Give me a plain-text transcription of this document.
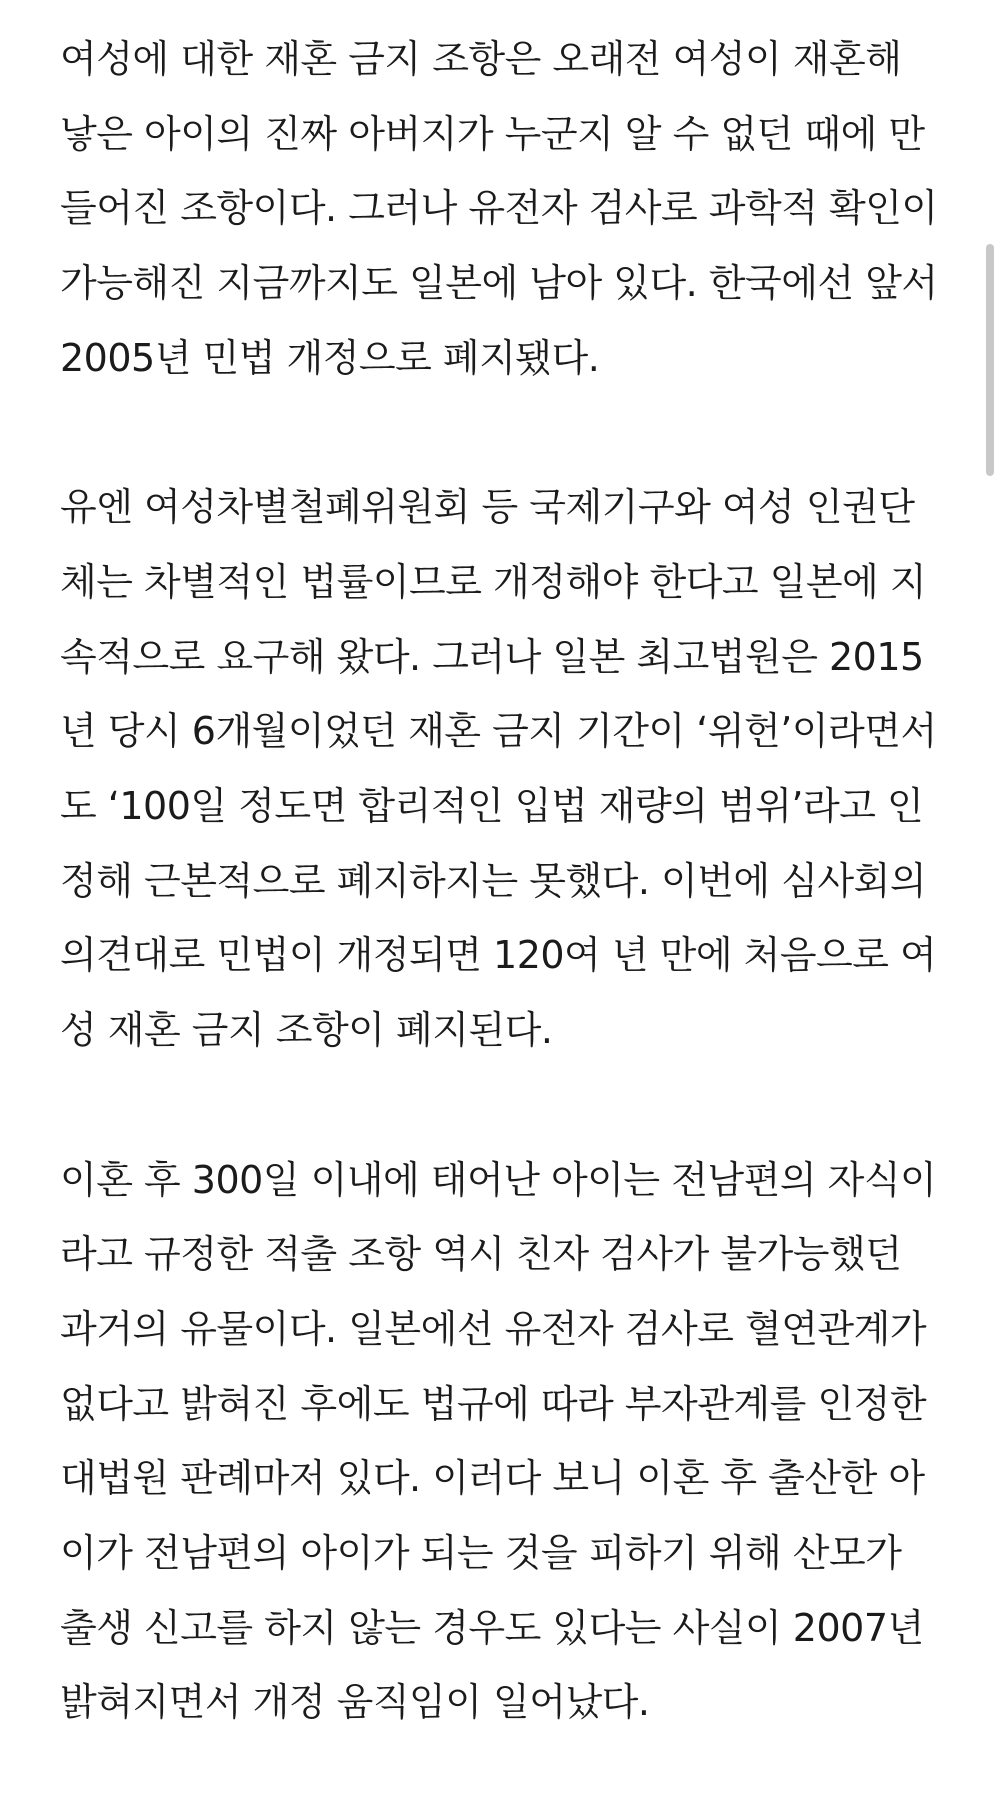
여성에 대한 재혼 금지 조항은 오래전 여성이 재혼해
낳은 아이의 진짜 아버지가 누군지 알 수 없던 때에 만
들어진 조항이다. 그러나 유전자 검사로 과학적 확인이
가능해진 지금까지도 일본에 남아 있다. 한국에선 앞서
2005년 민법 개정으로 폐지됐다.

유엔 여성차별철폐위원회 등 국제기구와 여성 인권단
체는 차별적인 법률이므로 개정해야 한다고 일본에 지
속적으로 요구해 왔다. 그러나 일본 최고법원은 2015
년 당시 6개월이었던 재혼 금지 기간이 ‘위헌’이라면서
도 ‘100일 정도면 합리적인 입법 재량의 범위’라고 인
정해 근본적으로 폐지하지는 못했다. 이번에 심사회의
의견대로 민법이 개정되면 120여 년 만에 처음으로 여
성 재혼 금지 조항이 폐지된다.

이혼 후 300일 이내에 태어난 아이는 전남편의 자식이
라고 규정한 적출 조항 역시 친자 검사가 불가능했던
과거의 유물이다. 일본에선 유전자 검사로 혈연관계가
없다고 밝혀진 후에도 법규에 따라 부자관계를 인정한
대법원 판례마저 있다. 이러다 보니 이혼 후 출산한 아
이가 전남편의 아이가 되는 것을 피하기 위해 산모가
출생 신고를 하지 않는 경우도 있다는 사실이 2007년
밝혀지면서 개정 움직임이 일어났다.
